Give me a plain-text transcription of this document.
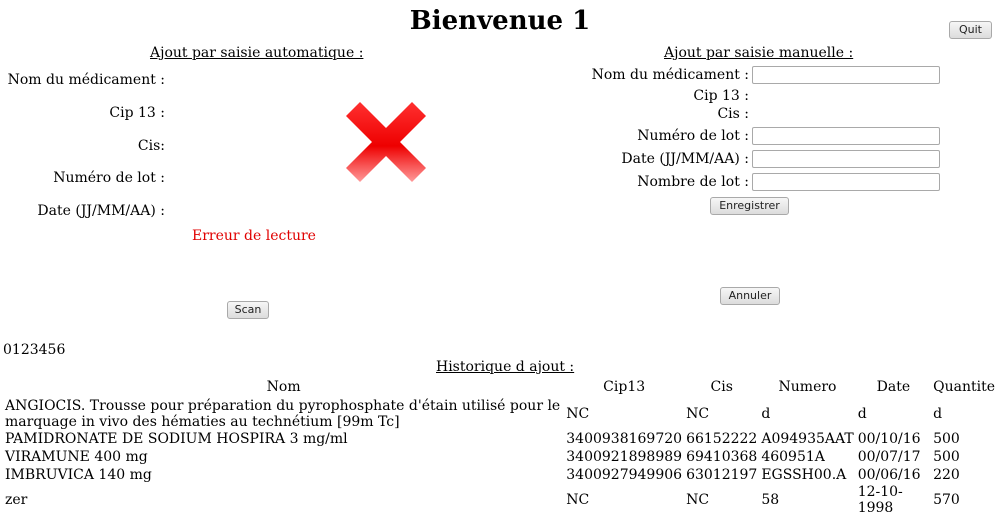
Bienvenue 1	Quit
Ajout par saisie automatique :
Nom du médicament :
Cip 13 :
Cis:
Numéro de lot :
Date (JJ/MM/AA) :
Erreur de lecture
Scan
Ajout par saisie manuelle :
Nom du médicament :
Cip 13 :
Cis :
Numéro de lot :
Date (JJ/MM/AA) :
Nombre de lot :
Enregistrer
Annuler
0123456
Historique d ajout :
Nom	Cip13	Cis	Numero	Date	Quantite
ANGIOCIS. Trousse pour préparation du pyrophosphate d'étain utilisé pour le marquage in vivo des hématies au technétium [99m Tc]	NC	NC	d	d	d
PAMIDRONATE DE SODIUM HOSPIRA 3 mg/ml	3400938169720	66152222	A094935AAT	00/10/16	500
VIRAMUNE 400 mg	3400921898989	69410368	460951A	00/07/17	500
IMBRUVICA 140 mg	3400927949906	63012197	EGSSH00.A	00/06/16	220
zer	NC	NC	58	12-10-1998	570
